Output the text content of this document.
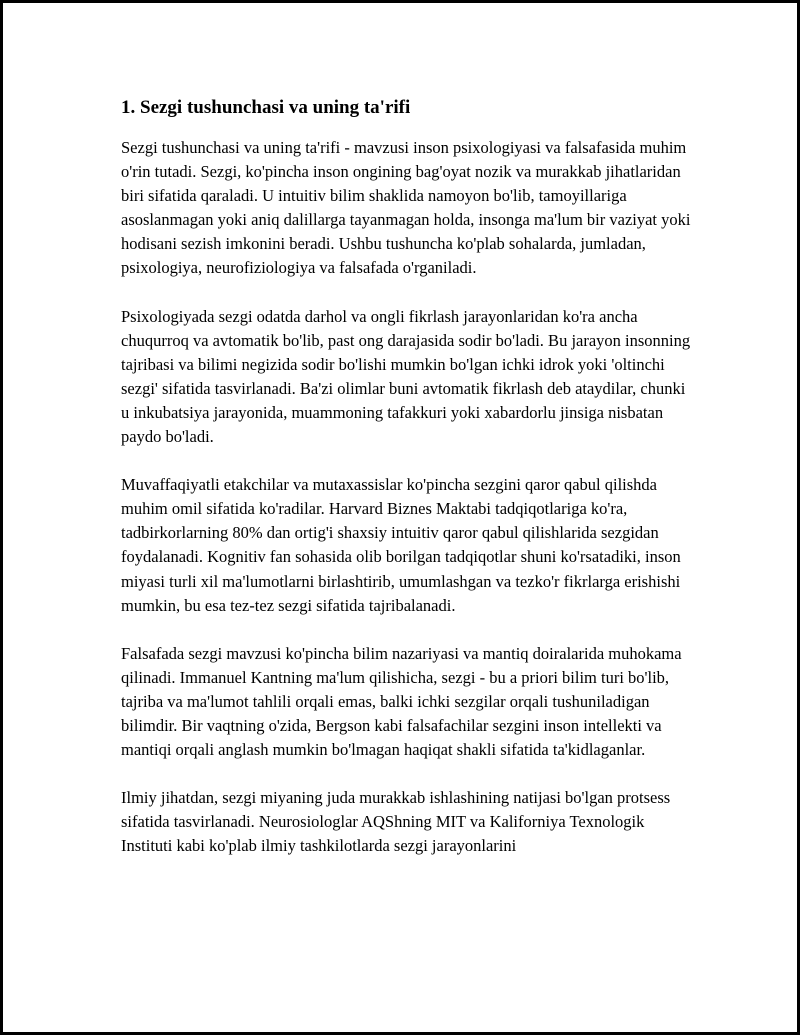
1. Sezgi tushunchasi va uning ta'rifi

Sezgi tushunchasi va uning ta'rifi - mavzusi inson psixologiyasi va falsafasida muhim o'rin tutadi. Sezgi, ko'pincha inson ongining bag'oyat nozik va murakkab jihatlaridan biri sifatida qaraladi. U intuitiv bilim shaklida namoyon bo'lib, tamoyillariga asoslanmagan yoki aniq dalillarga tayanmagan holda, insonga ma'lum bir vaziyat yoki hodisani sezish imkonini beradi. Ushbu tushuncha ko'plab sohalarda, jumladan, psixologiya, neurofiziologiya va falsafada o'rganiladi.

Psixologiyada sezgi odatda darhol va ongli fikrlash jarayonlaridan ko'ra ancha chuqurroq va avtomatik bo'lib, past ong darajasida sodir bo'ladi. Bu jarayon insonning tajribasi va bilimi negizida sodir bo'lishi mumkin bo'lgan ichki idrok yoki 'oltinchi sezgi' sifatida tasvirlanadi. Ba'zi olimlar buni avtomatik fikrlash deb ataydilar, chunki u inkubatsiya jarayonida, muammoning tafakkuri yoki xabardorlu jinsiga nisbatan paydo bo'ladi.

Muvaffaqiyatli etakchilar va mutaxassislar ko'pincha sezgini qaror qabul qilishda muhim omil sifatida ko'radilar. Harvard Biznes Maktabi tadqiqotlariga ko'ra, tadbirkorlarning 80% dan ortig'i shaxsiy intuitiv qaror qabul qilishlarida sezgidan foydalanadi. Kognitiv fan sohasida olib borilgan tadqiqotlar shuni ko'rsatadiki, inson miyasi turli xil ma'lumotlarni birlashtirib, umumlashgan va tezko'r fikrlarga erishishi mumkin, bu esa tez-tez sezgi sifatida tajribalanadi.

Falsafada sezgi mavzusi ko'pincha bilim nazariyasi va mantiq doiralarida muhokama qilinadi. Immanuel Kantning ma'lum qilishicha, sezgi - bu a priori bilim turi bo'lib, tajriba va ma'lumot tahlili orqali emas, balki ichki sezgilar orqali tushuniladigan bilimdir. Bir vaqtning o'zida, Bergson kabi falsafachilar sezgini inson intellekti va mantiqi orqali anglash mumkin bo'lmagan haqiqat shakli sifatida ta'kidlaganlar.

Ilmiy jihatdan, sezgi miyaning juda murakkab ishlashining natijasi bo'lgan protsess sifatida tasvirlanadi. Neurosiologlar AQShning MIT va Kaliforniya Texnologik Instituti kabi ko'plab ilmiy tashkilotlarda sezgi jarayonlarini
